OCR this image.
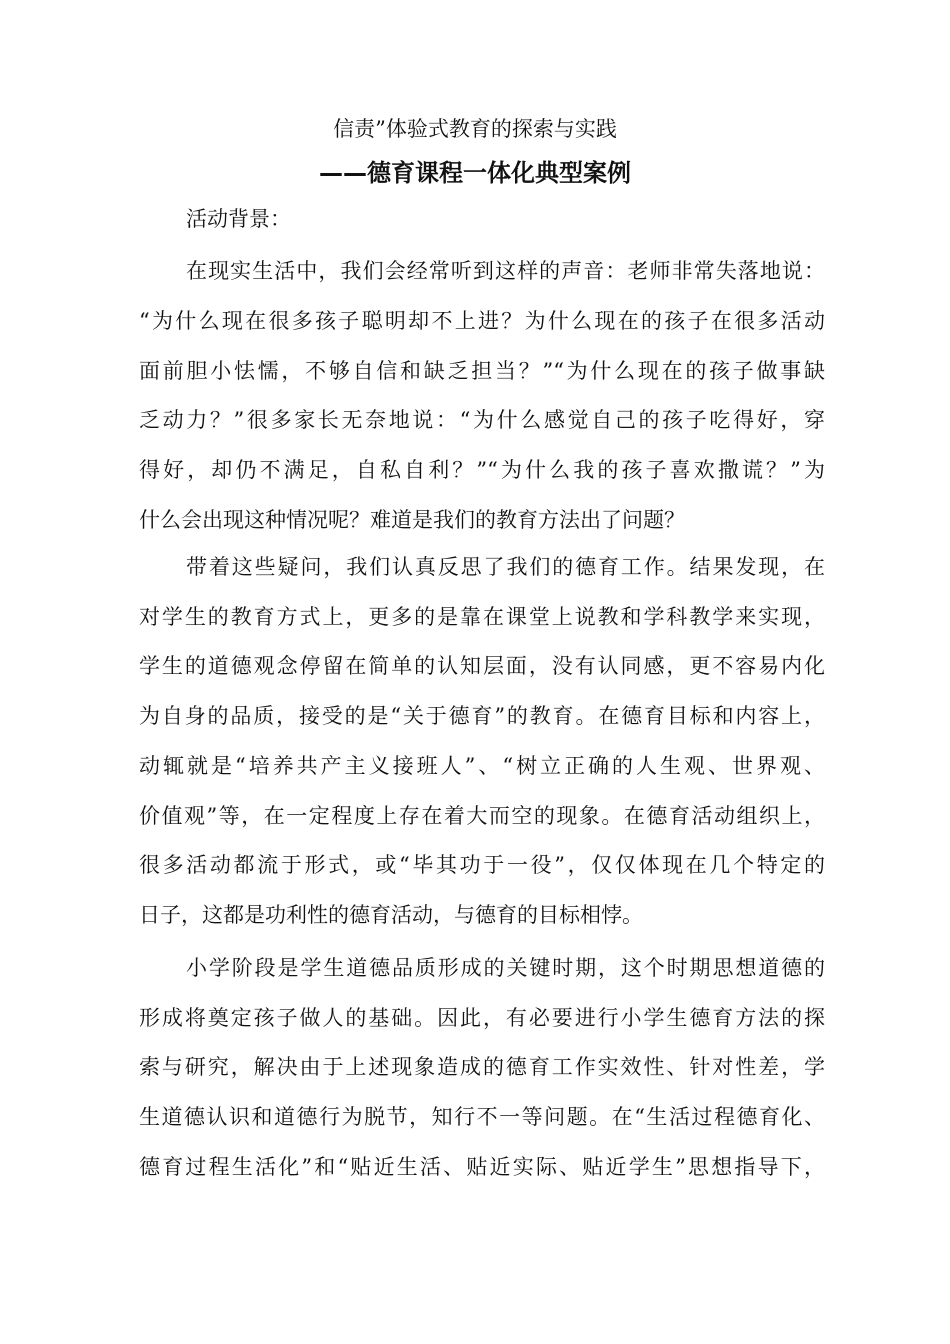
信责”体验式教育的探索与实践
——德育课程一体化典型案例
活动背景：
在现实生活中，我们会经常听到这样的声音：老师非常失落地说：
“为什么现在很多孩子聪明却不上进？为什么现在的孩子在很多活动
面前胆小怯懦，不够自信和缺乏担当？”“为什么现在的孩子做事缺
乏动力？”很多家长无奈地说：“为什么感觉自己的孩子吃得好，穿
得好，却仍不满足，自私自利？”“为什么我的孩子喜欢撒谎？”为
什么会出现这种情况呢？难道是我们的教育方法出了问题？
带着这些疑问，我们认真反思了我们的德育工作。结果发现，在
对学生的教育方式上，更多的是靠在课堂上说教和学科教学来实现，
学生的道德观念停留在简单的认知层面，没有认同感，更不容易内化
为自身的品质，接受的是“关于德育”的教育。在德育目标和内容上，
动辄就是“培养共产主义接班人”、“树立正确的人生观、世界观、
价值观”等，在一定程度上存在着大而空的现象。在德育活动组织上，
很多活动都流于形式，或“毕其功于一役”，仅仅体现在几个特定的
日子，这都是功利性的德育活动，与德育的目标相悖。
小学阶段是学生道德品质形成的关键时期，这个时期思想道德的
形成将奠定孩子做人的基础。因此，有必要进行小学生德育方法的探
索与研究，解决由于上述现象造成的德育工作实效性、针对性差，学
生道德认识和道德行为脱节，知行不一等问题。在“生活过程德育化、
德育过程生活化”和“贴近生活、贴近实际、贴近学生”思想指导下，
